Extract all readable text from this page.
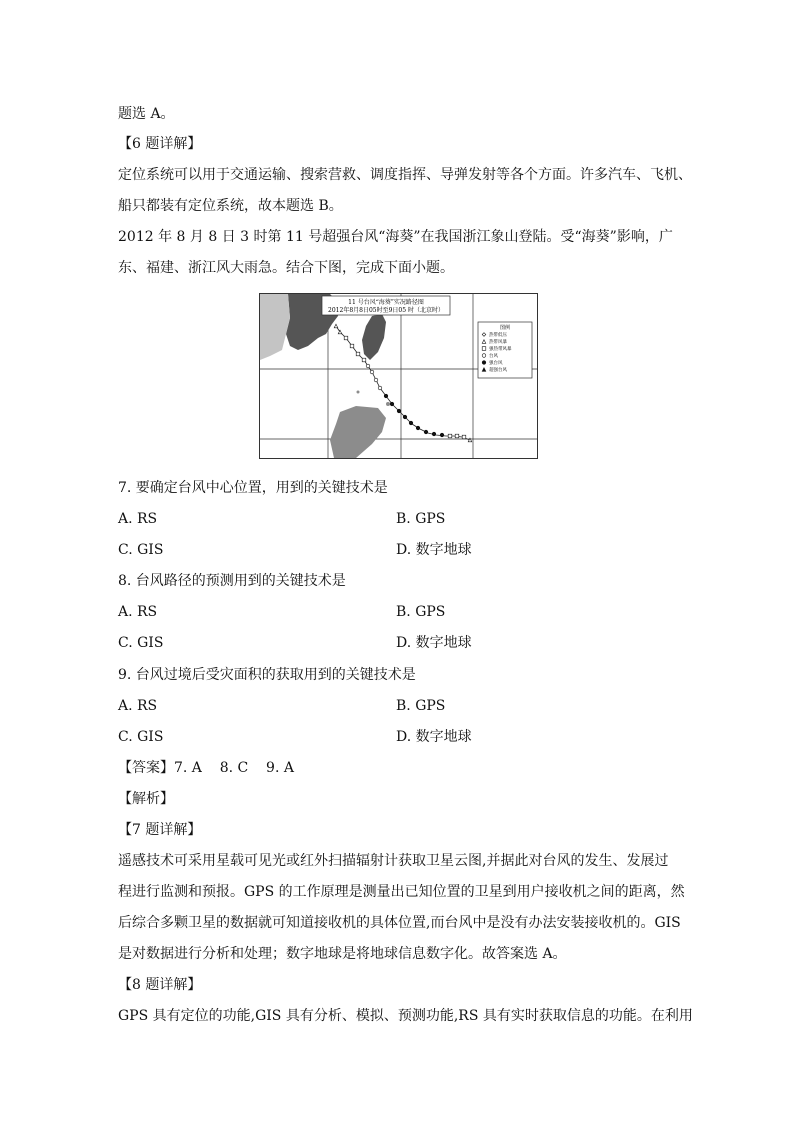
题选 A。
【6 题详解】
定位系统可以用于交通运输、搜索营救、调度指挥、导弹发射等各个方面。许多汽车、飞机、
船只都装有定位系统，故本题选 B。
2012 年 8 月 8 日 3 时第 11 号超强台风“海葵”在我国浙江象山登陆。受“海葵”影响，广
东、福建、浙江风大雨急。结合下图，完成下面小题。
11 号台风“海葵”实况路径图
2012年8月8日05时至9日05 时（北京时）
图例
热带低压
热带风暴
强热带风暴
台风
强台风
超强台风
7. 要确定台风中心位置，用到的关键技术是
A. RS	B. GPS
C. GIS	D. 数字地球
8. 台风路径的预测用到的关键技术是
A. RS	B. GPS
C. GIS	D. 数字地球
9. 台风过境后受灾面积的获取用到的关键技术是
A. RS	B. GPS
C. GIS	D. 数字地球
【答案】7. A    8. C    9. A
【解析】
【7 题详解】
遥感技术可采用星载可见光或红外扫描辐射计获取卫星云图,并据此对台风的发生、发展过
程进行监测和预报。GPS 的工作原理是测量出已知位置的卫星到用户接收机之间的距离，然
后综合多颗卫星的数据就可知道接收机的具体位置,而台风中是没有办法安装接收机的。GIS
是对数据进行分析和处理；数字地球是将地球信息数字化。故答案选 A。
【8 题详解】
GPS 具有定位的功能,GIS 具有分析、模拟、预测功能,RS 具有实时获取信息的功能。在利用
